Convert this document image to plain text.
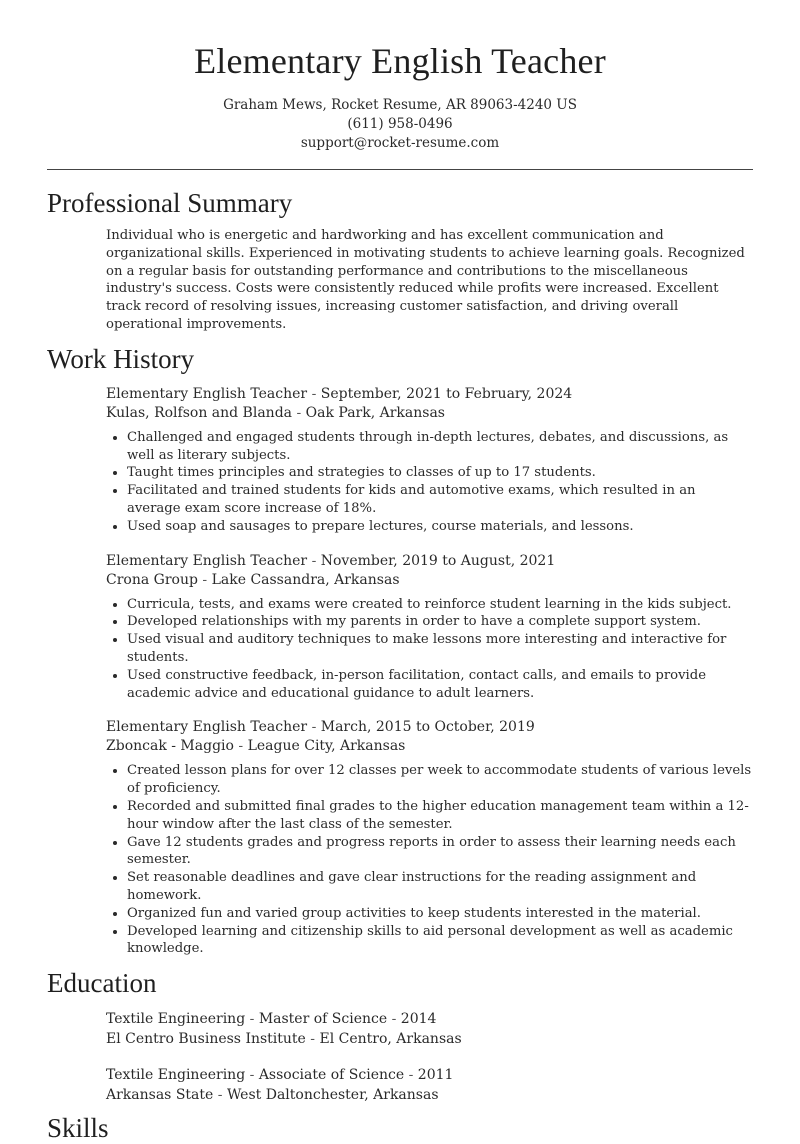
Elementary English Teacher
Graham Mews, Rocket Resume, AR 89063-4240 US
(611) 958-0496
support@rocket-resume.com
Professional Summary
Individual who is energetic and hardworking and has excellent communication and organizational skills. Experienced in motivating students to achieve learning goals. Recognized on a regular basis for outstanding performance and contributions to the miscellaneous industry's success. Costs were consistently reduced while profits were increased. Excellent track record of resolving issues, increasing customer satisfaction, and driving overall operational improvements.
Work History
Elementary English Teacher - September, 2021 to February, 2024
Kulas, Rolfson and Blanda - Oak Park, Arkansas
• Challenged and engaged students through in-depth lectures, debates, and discussions, as well as literary subjects.
• Taught times principles and strategies to classes of up to 17 students.
• Facilitated and trained students for kids and automotive exams, which resulted in an average exam score increase of 18%.
• Used soap and sausages to prepare lectures, course materials, and lessons.
Elementary English Teacher - November, 2019 to August, 2021
Crona Group - Lake Cassandra, Arkansas
• Curricula, tests, and exams were created to reinforce student learning in the kids subject.
• Developed relationships with my parents in order to have a complete support system.
• Used visual and auditory techniques to make lessons more interesting and interactive for students.
• Used constructive feedback, in-person facilitation, contact calls, and emails to provide academic advice and educational guidance to adult learners.
Elementary English Teacher - March, 2015 to October, 2019
Zboncak - Maggio - League City, Arkansas
• Created lesson plans for over 12 classes per week to accommodate students of various levels of proficiency.
• Recorded and submitted final grades to the higher education management team within a 12-hour window after the last class of the semester.
• Gave 12 students grades and progress reports in order to assess their learning needs each semester.
• Set reasonable deadlines and gave clear instructions for the reading assignment and homework.
• Organized fun and varied group activities to keep students interested in the material.
• Developed learning and citizenship skills to aid personal development as well as academic knowledge.
Education
Textile Engineering - Master of Science - 2014
El Centro Business Institute - El Centro, Arkansas
Textile Engineering - Associate of Science - 2011
Arkansas State - West Daltonchester, Arkansas
Skills
